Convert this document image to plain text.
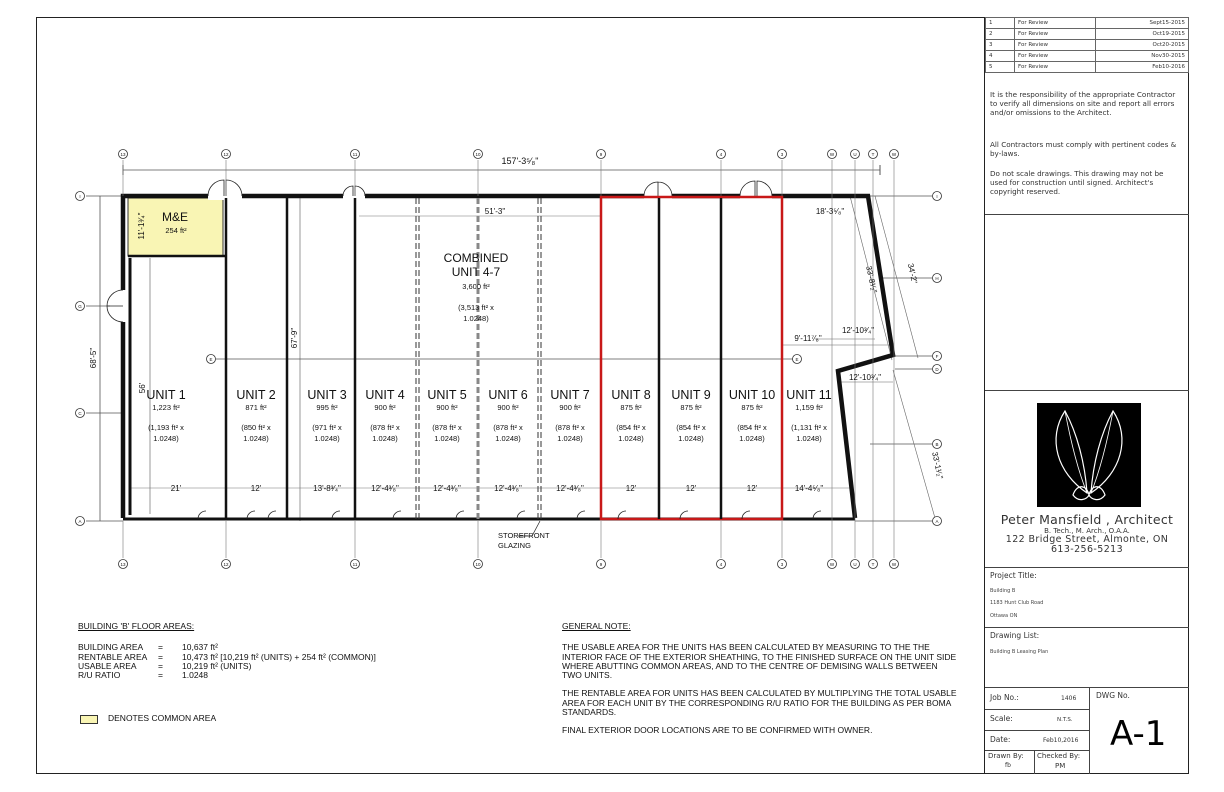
UNIT 1
1,223 ft²
(1,193 ft² x
1.0248)
21'
UNIT 2
871 ft²
(850 ft² x
1.0248)
12'
UNIT 3
995 ft²
(971 ft² x
1.0248)
13'-8³⁄₄"
UNIT 4
900 ft²
(878 ft² x
1.0248)
12'-4³⁄₈"
UNIT 5
900 ft²
(878 ft² x
1.0248)
12'-4³⁄₈"
UNIT 6
900 ft²
(878 ft² x
1.0248)
12'-4³⁄₈"
UNIT 7
900 ft²
(878 ft² x
1.0248)
12'-4³⁄₈"
UNIT 8
875 ft²
(854 ft² x
1.0248)
12'
UNIT 9
875 ft²
(854 ft² x
1.0248)
12'
UNIT 10
875 ft²
(854 ft² x
1.0248)
12'
UNIT 11
1,159 ft²
(1,131 ft² x
1.0248)
14'-4⁵⁄₈"
M&E
254 ft²
11'-1³⁄₄"
COMBINED
UNIT 4-7
3,600 ft²
(3,513 ft² x
1.0248)
157'-3⁵⁄₈"
51'-3"
68'-5"
56'
67'-9"
18'-3⁵⁄₈"
33'-8¹⁄₂"	34'-2"
12'-10³⁄₄"
9'-11⁷⁄₈"
12'-10³⁄₄"
33'-1¹⁄₂"
STOREFRONT
GLAZING
13	12	11	10	9	4	3	W	U	T	W
13	12	11	10	9	4	3	W	U	T	W
I
G
C
A
E
I
H
F
D
B
A
E
BUILDING 'B' FLOOR AREAS:
BUILDING AREA	=	10,637 ft²
RENTABLE AREA	=	10,473 ft² [10,219 ft² (UNITS) + 254 ft² (COMMON)]
USABLE AREA	=	10,219 ft² (UNITS)
R/U RATIO	=	1.0248
DENOTES COMMON AREA
GENERAL NOTE:
THE USABLE AREA FOR THE UNITS HAS BEEN CALCULATED BY MEASURING TO THE THE INTERIOR FACE OF THE EXTERIOR SHEATHING, TO THE FINISHED SURFACE ON THE UNIT SIDE WHERE ABUTTING COMMON AREAS, AND TO THE CENTRE OF DEMISING WALLS BETWEEN TWO UNITS.
THE RENTABLE AREA FOR UNITS HAS BEEN CALCULATED BY MULTIPLYING THE TOTAL USABLE AREA FOR EACH UNIT BY THE CORRESPONDING R/U RATIO FOR THE BUILDING AS PER BOMA STANDARDS.
FINAL EXTERIOR DOOR LOCATIONS ARE TO BE CONFIRMED WITH OWNER.
1	For Review	Sept15-2015
2	For Review	Oct19-2015
3	For Review	Oct20-2015
4	For Review	Nov30-2015
5	For Review	Feb10-2016

It is the responsibility of the appropriate Contractor to verify all dimensions on site and report all errors and/or omissions to the Architect.

All Contractors must comply with pertinent codes & by-laws.

Do not scale drawings. This drawing may not be used for construction until signed. Architect's copyright reserved.

Peter Mansfield , Architect
B. Tech., M. Arch., O.A.A.
122 Bridge Street, Almonte, ON
613-256-5213
Project Title:
Building B
1183 Hunt Club Road
Ottawa ON
Drawing List:
Building B Leasing Plan
Job No.:	1406	DWG No.
Scale:	N.T.S.
Date:	Feb10,2016
Drawn By:
fb
Checked By:
PM
A-1
